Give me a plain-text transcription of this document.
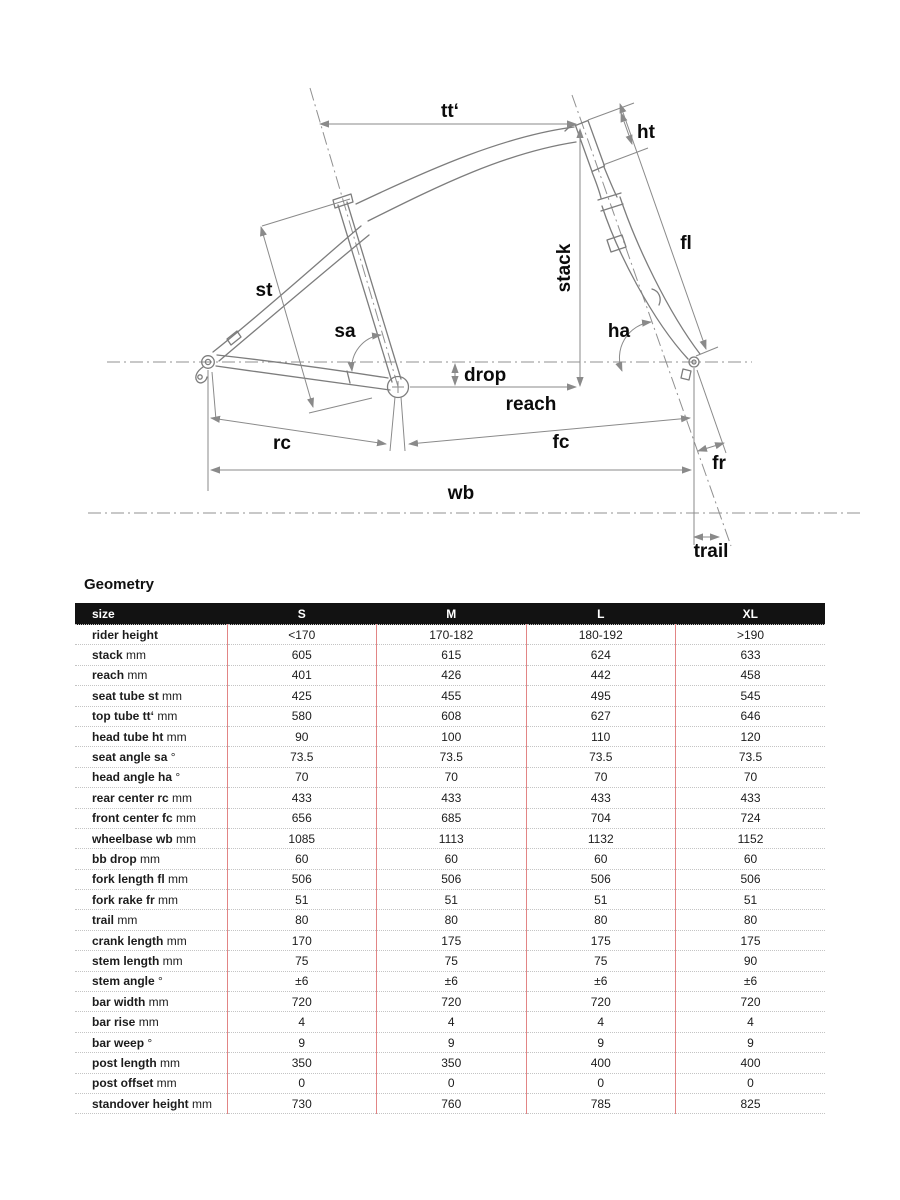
tt‘
ht
st	stack
fl
sa	ha
drop
reach
rc	fc
wb
fr
trail
Geometry
size	S	M	L	XL
rider height	<170	170-182	180-192	>190
stack mm	605	615	624	633
reach mm	401	426	442	458
seat tube st mm	425	455	495	545
top tube tt‘ mm	580	608	627	646
head tube ht mm	90	100	110	120
seat angle sa °	73.5	73.5	73.5	73.5
head angle ha °	70	70	70	70
rear center rc mm	433	433	433	433
front center fc mm	656	685	704	724
wheelbase wb mm	1085	1113	1132	1152
bb drop mm	60	60	60	60
fork length fl mm	506	506	506	506
fork rake fr mm	51	51	51	51
trail mm	80	80	80	80
crank length mm	170	175	175	175
stem length mm	75	75	75	90
stem angle °	±6	±6	±6	±6
bar width mm	720	720	720	720
bar rise mm	4	4	4	4
bar weep °	9	9	9	9
post length mm	350	350	400	400
post offset mm	0	0	0	0
standover height mm	730	760	785	825
